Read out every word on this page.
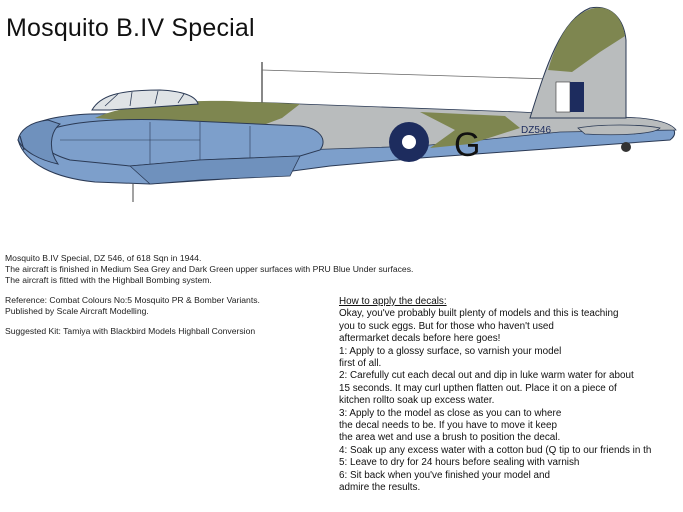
Mosquito B.IV Special
G	DZ546

Mosquito B.IV Special, DZ 546, of 618 Sqn in 1944.

The aircraft is finished in Medium Sea Grey and Dark Green upper surfaces with PRU Blue Under surfaces.

The aircraft is fitted with the Highball Bombing system.

Reference: Combat Colours No:5 Mosquito PR & Bomber Variants.

Published by Scale Aircraft Modelling.

Suggested Kit: Tamiya with Blackbird Models Highball Conversion

How to apply the decals:

Okay, you've probably built plenty of models and this is teaching

you to suck eggs. But for those who haven't used

aftermarket decals before here goes!

1: Apply to a glossy surface, so varnish your model

first of all.

2: Carefully cut each decal out and dip in luke warm water for about

15 seconds. It may curl upthen flatten out. Place it on a piece of

kitchen rollto soak up excess water.

3: Apply to the model as close as you can to where

the decal needs to be. If you have to move it keep

the area wet and use a brush to position the decal.

4: Soak up any excess water with a cotton bud (Q tip to our friends in th

5: Leave to dry for 24 hours before sealing with varnish

6: Sit back when you've finished your model and

admire the results.
